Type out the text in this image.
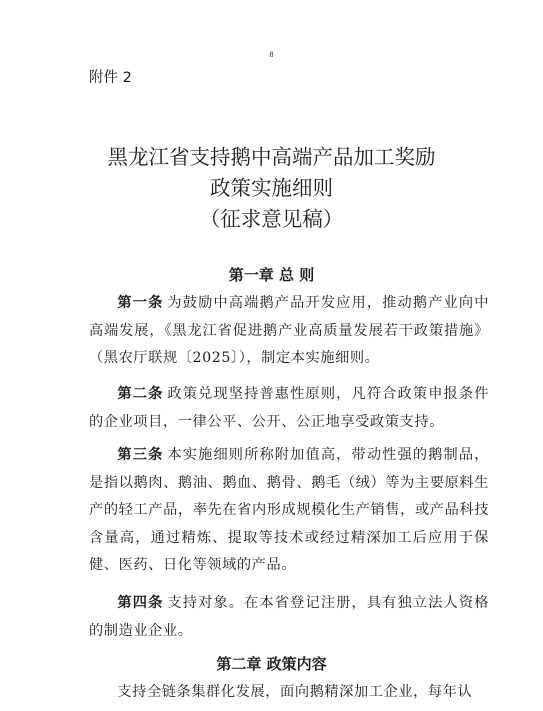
8
附件 2
黑龙江省支持鹅中高端产品加工奖励
政策实施细则
（征求意见稿）
第一章 总 则
第一条 为鼓励中高端鹅产品开发应用，推动鹅产业向中高端发展，《黑龙江省促进鹅产业高质量发展若干政策措施》（黑农厅联规〔2025〕），制定本实施细则。
第二条 政策兑现坚持普惠性原则，凡符合政策申报条件的企业项目，一律公平、公开、公正地享受政策支持。
第三条 本实施细则所称附加值高，带动性强的鹅制品，是指以鹅肉、鹅油、鹅血、鹅骨、鹅毛（绒）等为主要原料生产的轻工产品，率先在省内形成规模化生产销售，或产品科技含量高，通过精炼、提取等技术或经过精深加工后应用于保健、医药、日化等领域的产品。
第四条 支持对象。在本省登记注册，具有独立法人资格的制造业企业。
第二章 政策内容
支持全链条集群化发展，面向鹅精深加工企业，每年认
